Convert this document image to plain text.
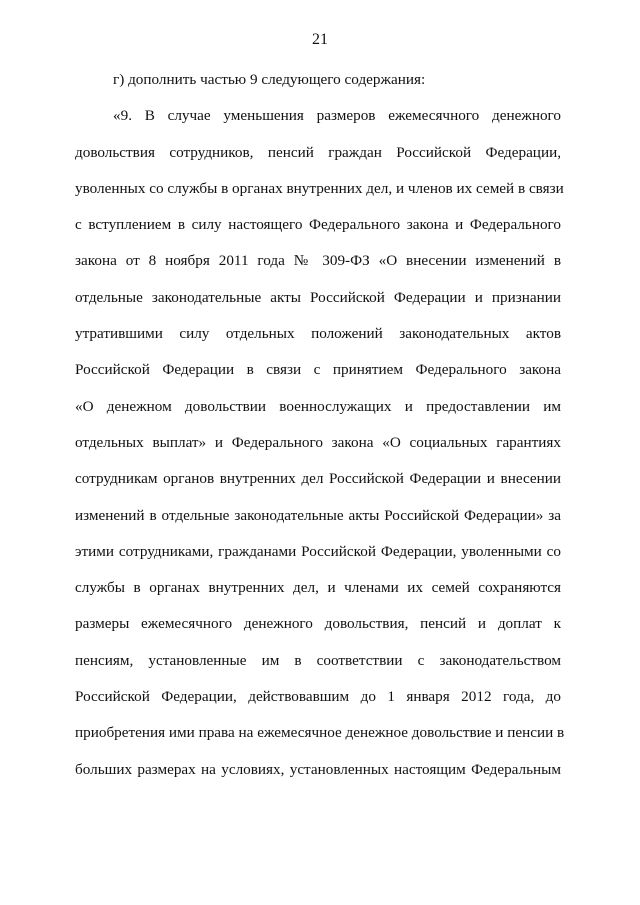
21
г) дополнить частью 9 следующего содержания:
«9. В случае уменьшения размеров ежемесячного денежного
довольствия сотрудников, пенсий граждан Российской Федерации,
уволенных со службы в органах внутренних дел, и членов их семей в связи
с вступлением в силу настоящего Федерального закона и Федерального
закона от 8 ноября 2011 года № 309-ФЗ «О внесении изменений в
отдельные законодательные акты Российской Федерации и признании
утратившими силу отдельных положений законодательных актов
Российской Федерации в связи с принятием Федерального закона
«О денежном довольствии военнослужащих и предоставлении им
отдельных выплат» и Федерального закона «О социальных гарантиях
сотрудникам органов внутренних дел Российской Федерации и внесении
изменений в отдельные законодательные акты Российской Федерации» за
этими сотрудниками, гражданами Российской Федерации, уволенными со
службы в органах внутренних дел, и членами их семей сохраняются
размеры ежемесячного денежного довольствия, пенсий и доплат к
пенсиям, установленные им в соответствии с законодательством
Российской Федерации, действовавшим до 1 января 2012 года, до
приобретения ими права на ежемесячное денежное довольствие и пенсии в
больших размерах на условиях, установленных настоящим Федеральным
